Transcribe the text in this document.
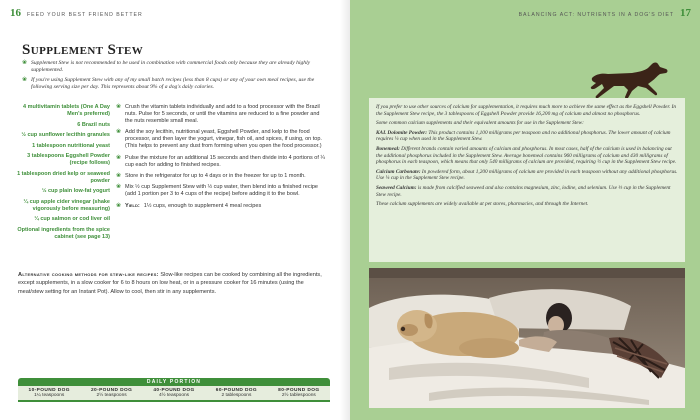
16 FEED YOUR BEST FRIEND BETTER
Supplement Stew
❀ Supplement Stew is not recommended to be used in combination with commercial foods only because they are already highly supplemented.
❀ If you're using Supplement Stew with any of my small batch recipes (less than 8 cups) or any of your own meal recipes, use the following serving size per day. This represents about 9% of a dog's daily calories.
4 multivitamin tablets (One A Day Men's preferred)
6 Brazil nuts
½ cup sunflower lecithin granules
1 tablespoon nutritional yeast
3 tablespoons Eggshell Powder (recipe follows)
1 tablespoon dried kelp or seaweed powder
½ cup plain low-fat yogurt
¼ cup apple cider vinegar (shake vigorously before measuring)
¼ cup salmon or cod liver oil
Optional ingredients from the spice cabinet (see page 13)
❀ Crush the vitamin tablets individually and add to a food processor with the Brazil nuts. Pulse for 5 seconds, or until the vitamins are reduced to a fine powder and the nuts resemble small meal.
❀ Add the soy lecithin, nutritional yeast, Eggshell Powder, and kelp to the food processor, and then layer the yogurt, vinegar, fish oil, and spices, if using, on top. (This helps to prevent any dust from forming when you open the food processor.)
❀ Pulse the mixture for an additional 15 seconds and then divide into 4 portions of ¼ cup each for adding to finished recipes.
❀ Store in the refrigerator for up to 4 days or in the freezer for up to 1 month.
❀ Mix ½ cup Supplement Stew with ½ cup water, then blend into a finished recipe (add 1 portion per 3 to 4 cups of the recipe) before adding it to the bowl.
❀ Yield: 1½ cups, enough to supplement 4 meal recipes
Alternative cooking methods for stew-like recipes: Slow-like recipes can be cooked by combining all the ingredients, except supplements, in a slow cooker for 6 to 8 hours on low heat, or in a pressure cooker for 16 minutes (using the meat/stew setting for an Instant Pot). Allow to cool, then stir in any supplements.
DAILY PORTION
10-POUND DOG
1¼ teaspoons
20-POUND DOG
2½ teaspoons
40-POUND DOG
4½ teaspoons
60-POUND DOG
2 tablespoons
80-POUND DOG
2½ tablespoons
BALANCING ACT: NUTRIENTS IN A DOG'S DIET 17

If you prefer to use other sources of calcium for supplementation, it requires much more to achieve the same effect as the Eggshell Powder. In the Supplement Stew recipe, the 3 tablespoons of Eggshell Powder provide 16,200 mg of calcium and almost no phosphorus.

Some common calcium supplements and their equivalent amounts for use in the Supplement Stew:

KAL Dolomite Powder: This product contains 1,100 milligrams per teaspoon and no additional phosphorus. The lower amount of calcium requires ¼ cup when used in the Supplement Stew.

Bonemeal: Different brands contain varied amounts of calcium and phosphorus. In most cases, half of the calcium is used in balancing out the additional phosphorus included in the Supplement Stew. Average bonemeal contains 960 milligrams of calcium and 430 milligrams of phosphorus in each teaspoon, which means that only 540 milligrams of calcium are provided, requiring ½ cup in the Supplement Stew recipe.

Calcium Carbonate: In powdered form, about 1,200 milligrams of calcium are provided in each teaspoon without any additional phosphorus. Use ¼ cup in the Supplement Stew recipe.

Seaweed Calcium: is made from calcified seaweed and also contains magnesium, zinc, iodine, and selenium. Use ⅓ cup in the Supplement Stew recipe.

These calcium supplements are widely available at pet stores, pharmacies, and through the Internet.
